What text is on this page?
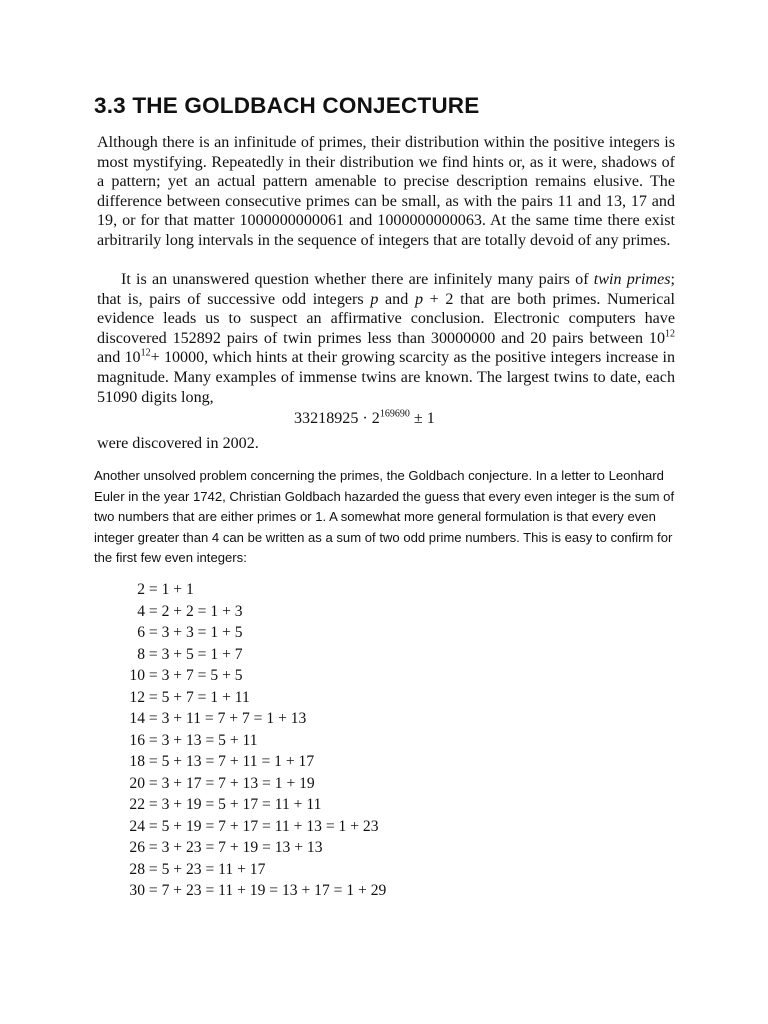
3.3 THE GOLDBACH CONJECTURE

Although there is an infinitude of primes, their distribution within the positive integers is most mystifying. Repeatedly in their distribution we find hints or, as it were, shadows of a pattern; yet an actual pattern amenable to precise description remains elusive. The difference between consecutive primes can be small, as with the pairs 11 and 13, 17 and 19, or for that matter 1000000000061 and 1000000000063. At the same time there exist arbitrarily long intervals in the sequence of integers that are totally devoid of any primes.

It is an unanswered question whether there are infinitely many pairs of twin primes; that is, pairs of successive odd integers p and p + 2 that are both primes. Numerical evidence leads us to suspect an affirmative conclusion. Electronic computers have discovered 152892 pairs of twin primes less than 30000000 and 20 pairs between $10^{12}$ and $10^{12}+ 10000$, which hints at their growing scarcity as the positive integers increase in magnitude. Many examples of immense twins are known. The largest twins to date, each 51090 digits long,

$33218925 \cdot 2^{169690} \pm 1$

were discovered in 2002.

Another unsolved problem concerning the primes, the Goldbach conjecture. In a letter to Leonhard Euler in the year 1742, Christian Goldbach hazarded the guess that every even integer is the sum of two numbers that are either primes or 1. A somewhat more general formulation is that every even integer greater than 4 can be written as a sum of two odd prime numbers. This is easy to confirm for the first few even integers:

2 = 1 + 1
4 = 2 + 2 = 1 + 3
6 = 3 + 3 = 1 + 5
8 = 3 + 5 = 1 + 7
10 = 3 + 7 = 5 + 5
12 = 5 + 7 = 1 + 11
14 = 3 + 11 = 7 + 7 = 1 + 13
16 = 3 + 13 = 5 + 11
18 = 5 + 13 = 7 + 11 = 1 + 17
20 = 3 + 17 = 7 + 13 = 1 + 19
22 = 3 + 19 = 5 + 17 = 11 + 11
24 = 5 + 19 = 7 + 17 = 11 + 13 = 1 + 23
26 = 3 + 23 = 7 + 19 = 13 + 13
28 = 5 + 23 = 11 + 17
30 = 7 + 23 = 11 + 19 = 13 + 17 = 1 + 29
